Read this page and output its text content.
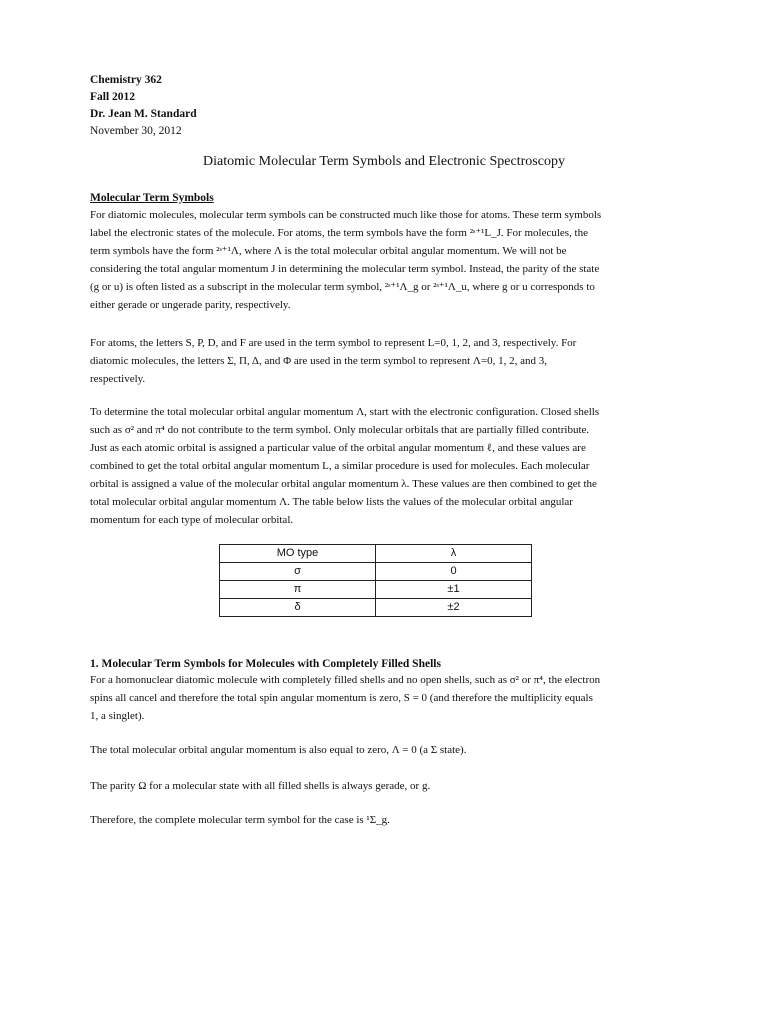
Chemistry 362
Fall 2012
Dr. Jean M. Standard
November 30, 2012
Diatomic Molecular Term Symbols and Electronic Spectroscopy
Molecular Term Symbols

For diatomic molecules, molecular term symbols can be constructed much like those for atoms. These term symbols

label the electronic states of the molecule. For atoms, the term symbols have the form ²ˢ⁺¹L_J. For molecules, the

term symbols have the form ²ˢ⁺¹Λ, where Λ is the total molecular orbital angular momentum. We will not be

considering the total angular momentum J in determining the molecular term symbol. Instead, the parity of the state

(g or u) is often listed as a subscript in the molecular term symbol, ²ˢ⁺¹Λ_g or ²ˢ⁺¹Λ_u, where g or u corresponds to

either gerade or ungerade parity, respectively.

For atoms, the letters S, P, D, and F are used in the term symbol to represent L=0, 1, 2, and 3, respectively. For

diatomic molecules, the letters Σ, Π, Δ, and Φ are used in the term symbol to represent Λ=0, 1, 2, and 3,

respectively.

To determine the total molecular orbital angular momentum Λ, start with the electronic configuration. Closed shells

such as σ² and π⁴ do not contribute to the term symbol. Only molecular orbitals that are partially filled contribute.

Just as each atomic orbital is assigned a particular value of the orbital angular momentum ℓ, and these values are

combined to get the total orbital angular momentum L, a similar procedure is used for molecules. Each molecular

orbital is assigned a value of the molecular orbital angular momentum λ. These values are then combined to get the

total molecular orbital angular momentum Λ. The table below lists the values of the molecular orbital angular

momentum for each type of molecular orbital.

MO type	λ
σ	0
π	±1
δ	±2
1. Molecular Term Symbols for Molecules with Completely Filled Shells

For a homonuclear diatomic molecule with completely filled shells and no open shells, such as σ² or π⁴, the electron

spins all cancel and therefore the total spin angular momentum is zero, S = 0 (and therefore the multiplicity equals

1, a singlet).

The total molecular orbital angular momentum is also equal to zero, Λ = 0 (a Σ state).

The parity Ω for a molecular state with all filled shells is always gerade, or g.

Therefore, the complete molecular term symbol for the case is ¹Σ_g.
